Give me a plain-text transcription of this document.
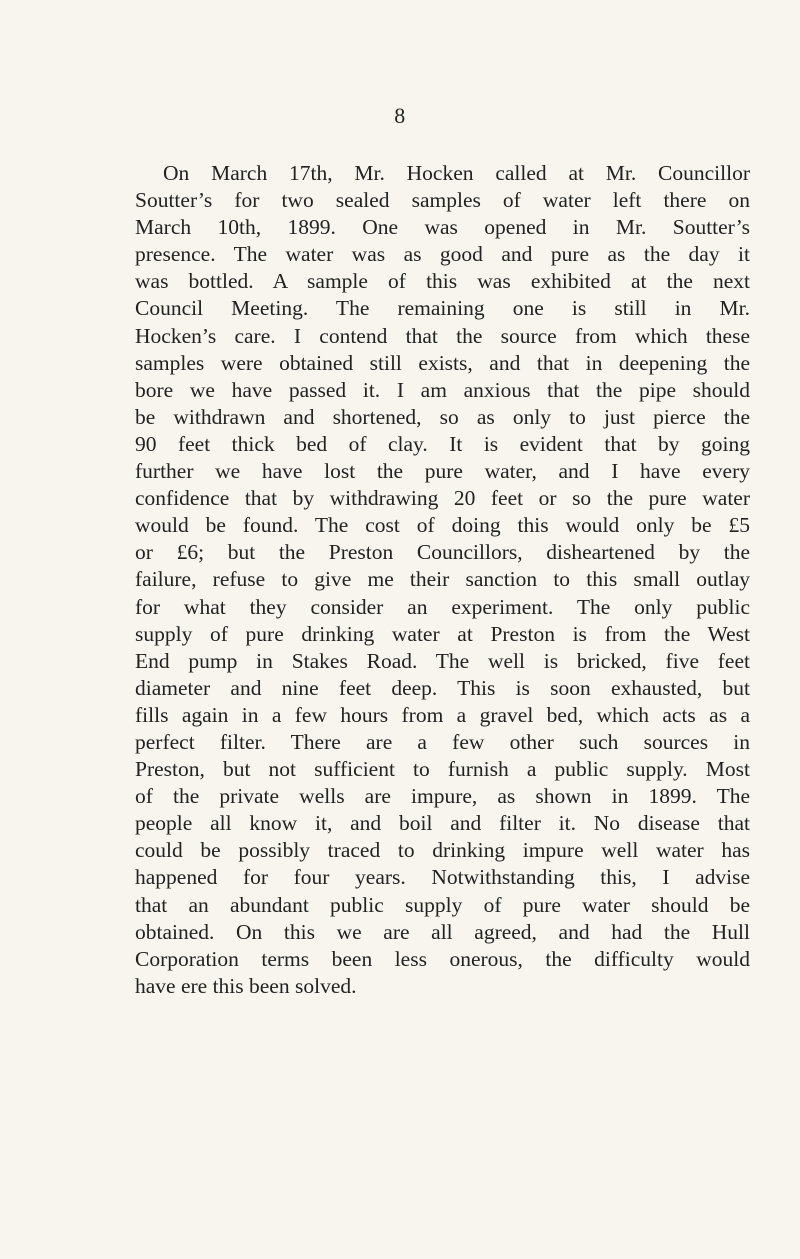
8
On March 17th, Mr. Hocken called at Mr. Councillor
Soutter’s for two sealed samples of water left there on
March 10th, 1899. One was opened in Mr. Soutter’s
presence. The water was as good and pure as the day it
was bottled. A sample of this was exhibited at the next
Council Meeting. The remaining one is still in Mr.
Hocken’s care. I contend that the source from which these
samples were obtained still exists, and that in deepening the
bore we have passed it. I am anxious that the pipe should
be withdrawn and shortened, so as only to just pierce the
90 feet thick bed of clay. It is evident that by going
further we have lost the pure water, and I have every
confidence that by withdrawing 20 feet or so the pure water
would be found. The cost of doing this would only be £5
or £6; but the Preston Councillors, disheartened by the
failure, refuse to give me their sanction to this small outlay
for what they consider an experiment. The only public
supply of pure drinking water at Preston is from the West
End pump in Stakes Road. The well is bricked, five feet
diameter and nine feet deep. This is soon exhausted, but
fills again in a few hours from a gravel bed, which acts as a
perfect filter. There are a few other such sources in
Preston, but not sufficient to furnish a public supply. Most
of the private wells are impure, as shown in 1899. The
people all know it, and boil and filter it. No disease that
could be possibly traced to drinking impure well water has
happened for four years. Notwithstanding this, I advise
that an abundant public supply of pure water should be
obtained. On this we are all agreed, and had the Hull
Corporation terms been less onerous, the difficulty would
have ere this been solved.
